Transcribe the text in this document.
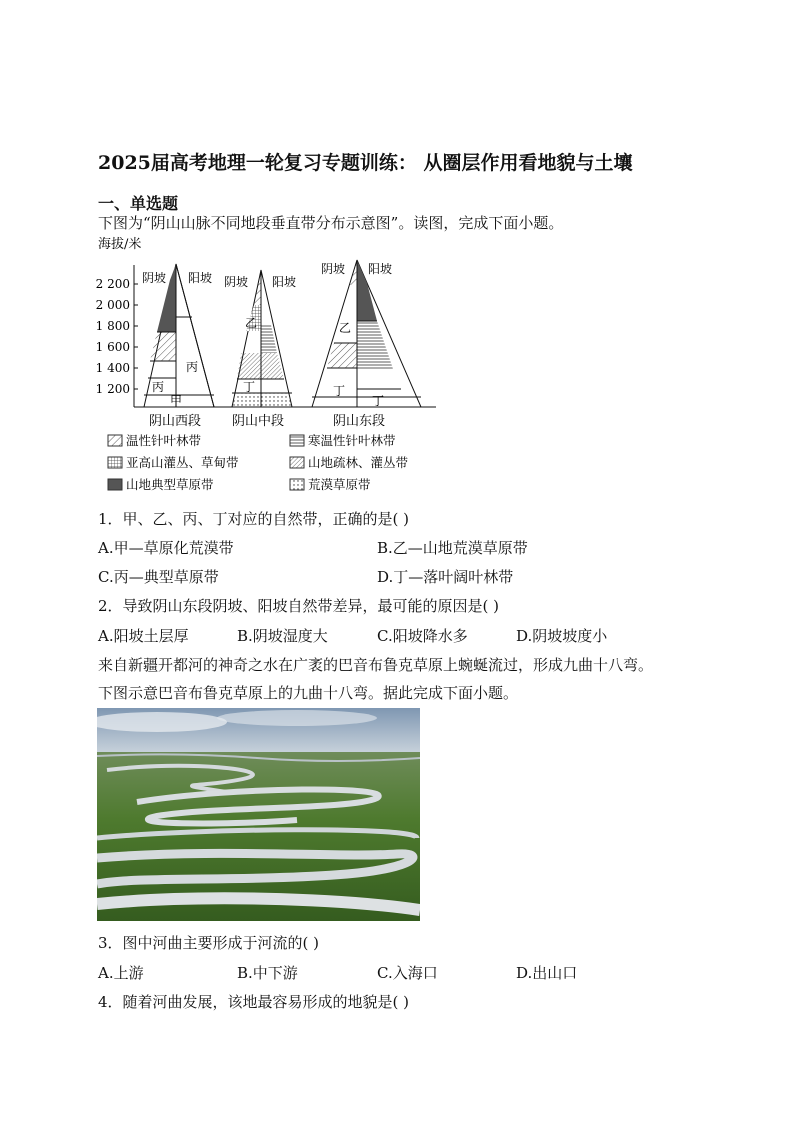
2025届高考地理一轮复习专题训练： 从圈层作用看地貌与土壤
一、单选题
下图为“阴山山脉不同地段垂直带分布示意图”。读图，完成下面小题。
海拔/米
2 200
2 000
1 800
1 600
1 400
1 200
阴坡 阳坡
丙
丙
甲
阴坡 阳坡
乙
丁
阴坡 阳坡
乙
丁
丁
阴山西段 阴山中段	阴山东段
温性针叶林带	寒温性针叶林带
亚高山灌丛、草甸带	山地疏林、灌丛带
山地典型草原带	荒漠草原带
1．甲、乙、丙、丁对应的自然带，正确的是( )
A.甲—草原化荒漠带	B.乙—山地荒漠草原带
C.丙—典型草原带	D.丁—落叶阔叶林带
2．导致阴山东段阴坡、阳坡自然带差异，最可能的原因是( )
A.阳坡土层厚	B.阴坡湿度大	C.阳坡降水多	D.阴坡坡度小
来自新疆开都河的神奇之水在广袤的巴音布鲁克草原上蜿蜒流过，形成九曲十八弯。
下图示意巴音布鲁克草原上的九曲十八弯。据此完成下面小题。
3．图中河曲主要形成于河流的( )
A.上游	B.中下游	C.入海口	D.出山口
4．随着河曲发展，该地最容易形成的地貌是( )
